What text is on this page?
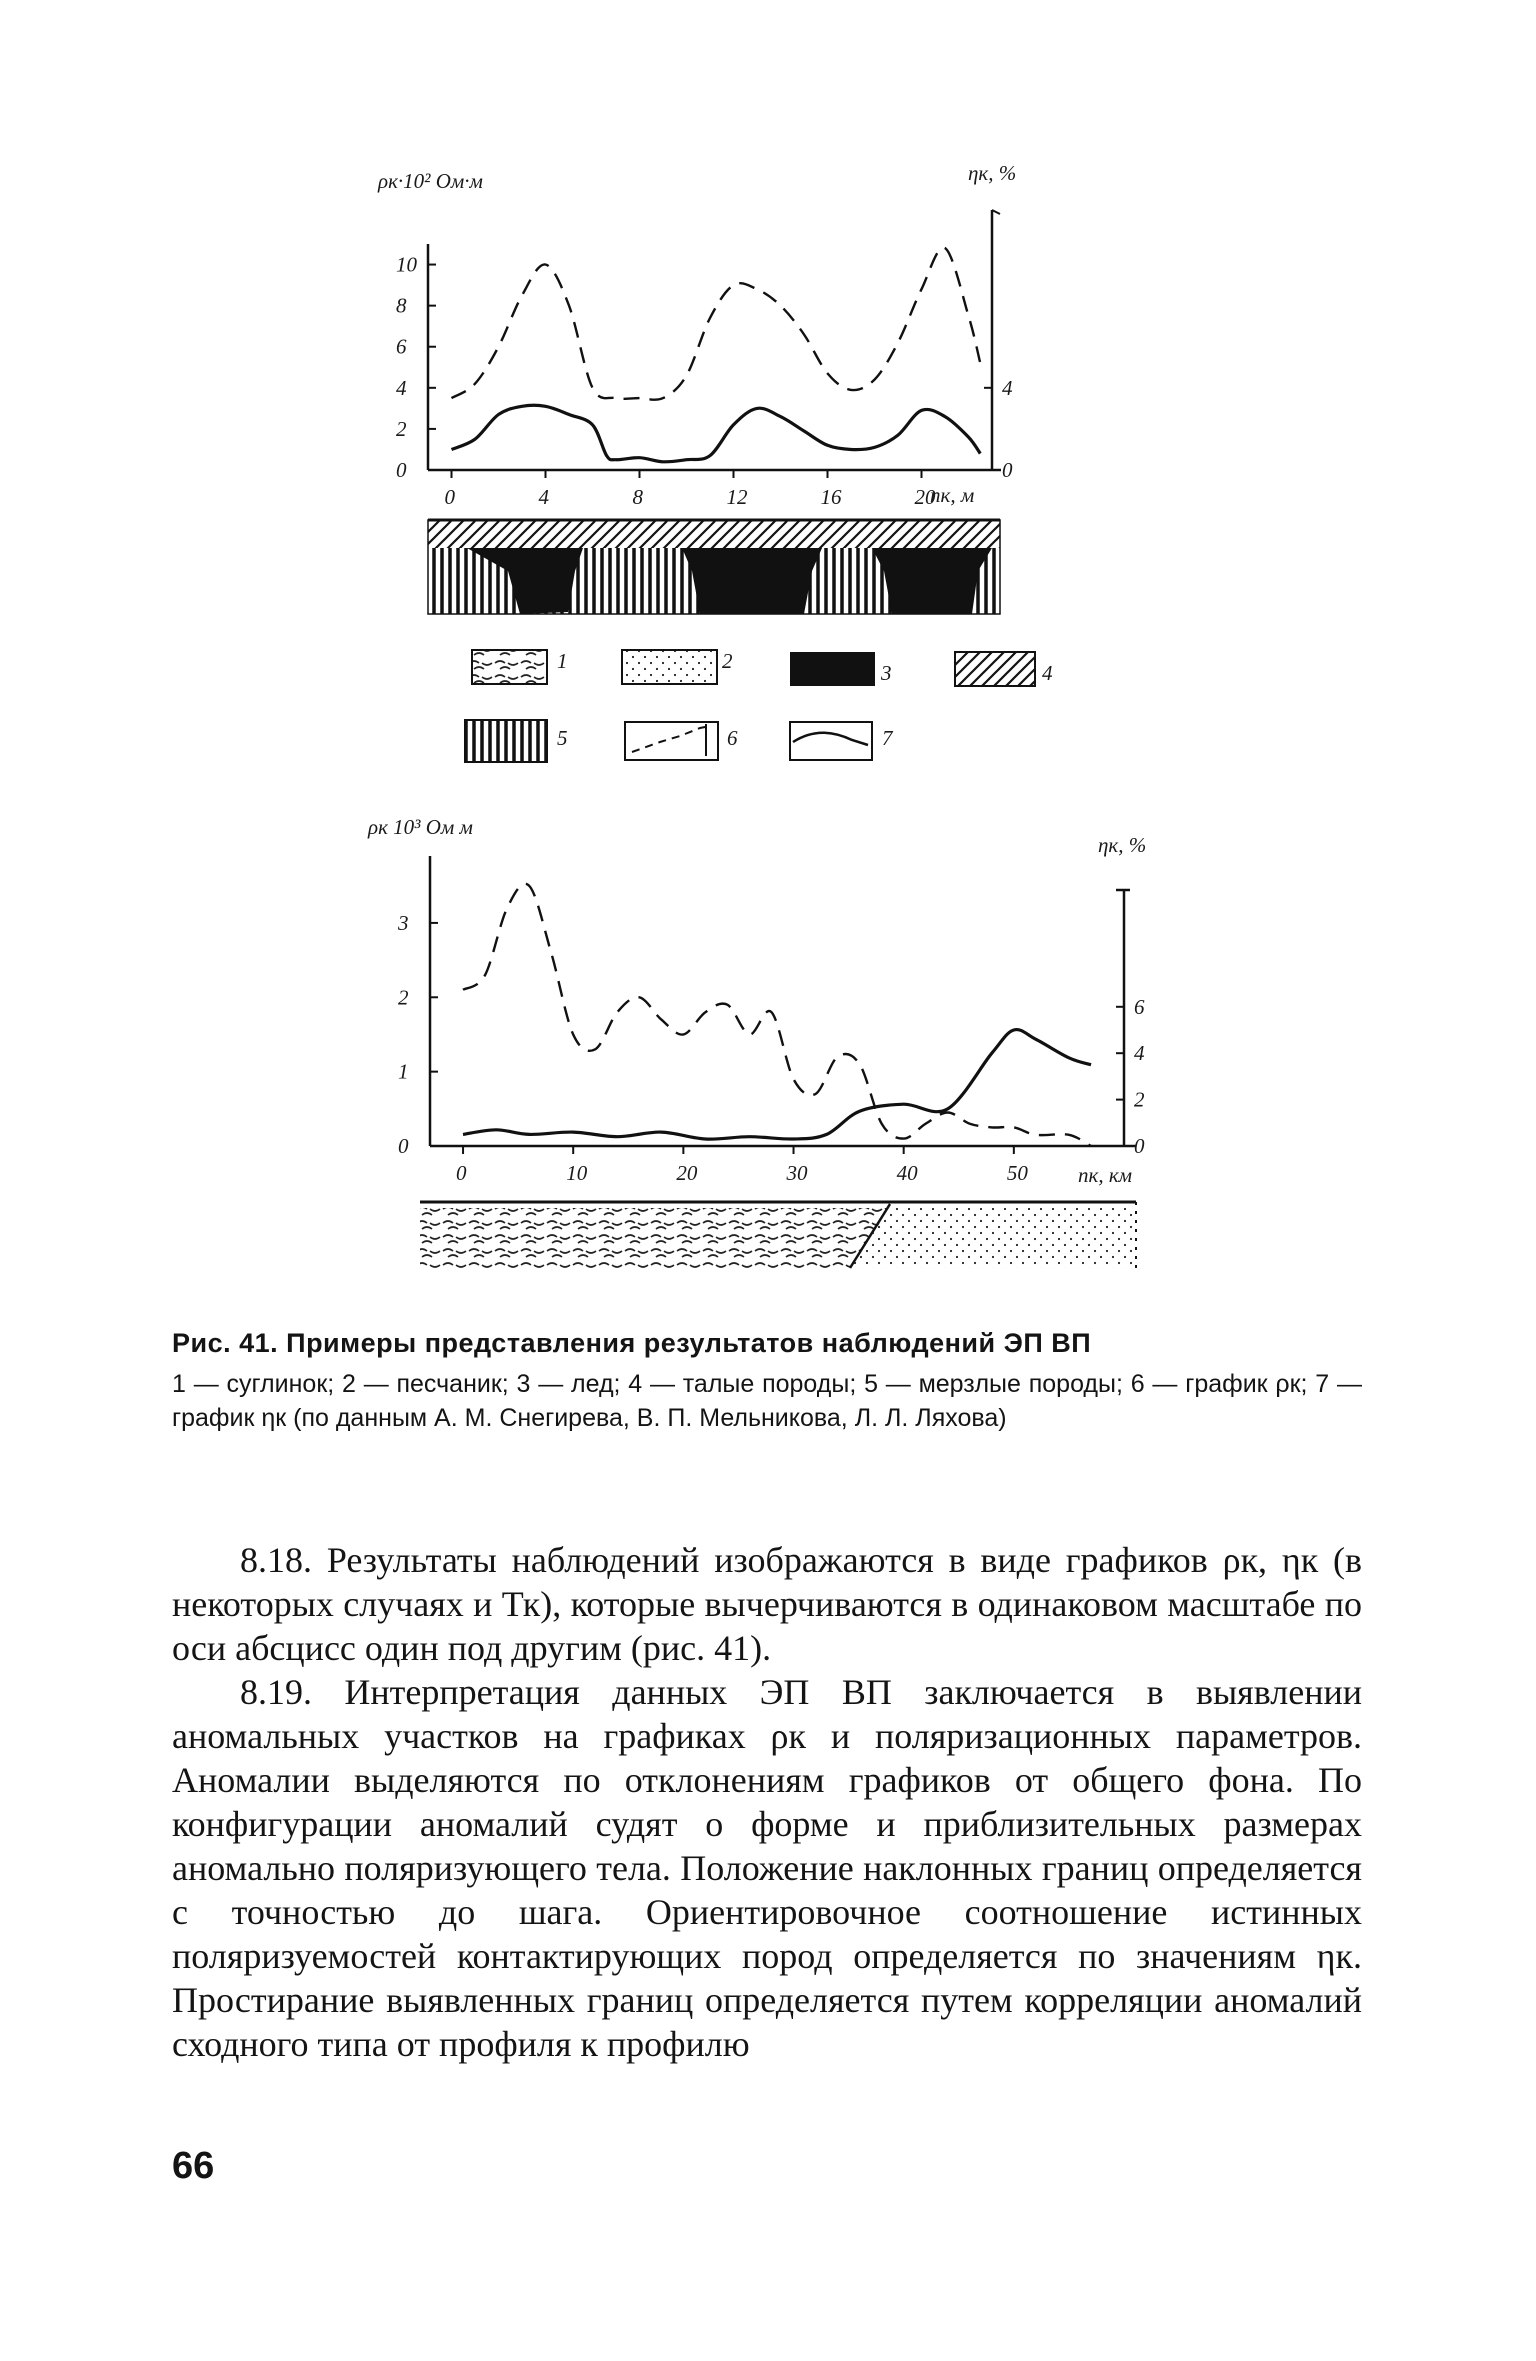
0	4	8	12	16	20
0
2
4
6
8
10
0
4
ρк·10² Ом·м	ηк, %
пк, м
1	2	3	4
5	6	7
0	10	20	30	40	50
0
1
2
3
0
2
4
6
ρк 10³ Ом м
ηк, %
пк, км

Рис. 41. Примеры представления результатов наблюдений ЭП ВП

1 — суглинок; 2 — песчаник; 3 — лед; 4 — талые породы; 5 — мерзлые породы; 6 — график ρк; 7 — график ηк (по данным А. М. Снегирева, В. П. Мельникова, Л. Л. Ляхова)

8.18. Результаты наблюдений изображаются в виде графиков ρк, ηк (в некоторых случаях и Тк), которые вычерчиваются в одинаковом масштабе по оси абсцисс один под другим (рис. 41).

8.19. Интерпретация данных ЭП ВП заключается в выявлении аномальных участков на графиках ρк и поляризационных параметров. Аномалии выделяются по отклонениям графиков от общего фона. По конфигурации аномалий судят о форме и приблизительных размерах аномально поляризующего тела. Положение наклонных границ определяется с точностью до шага. Ориентировочное соотношение истинных поляризуемостей контактирующих пород определяется по значениям ηк. Простирание выявленных границ определяется путем корреляции аномалий сходного типа от профиля к профилю

66
